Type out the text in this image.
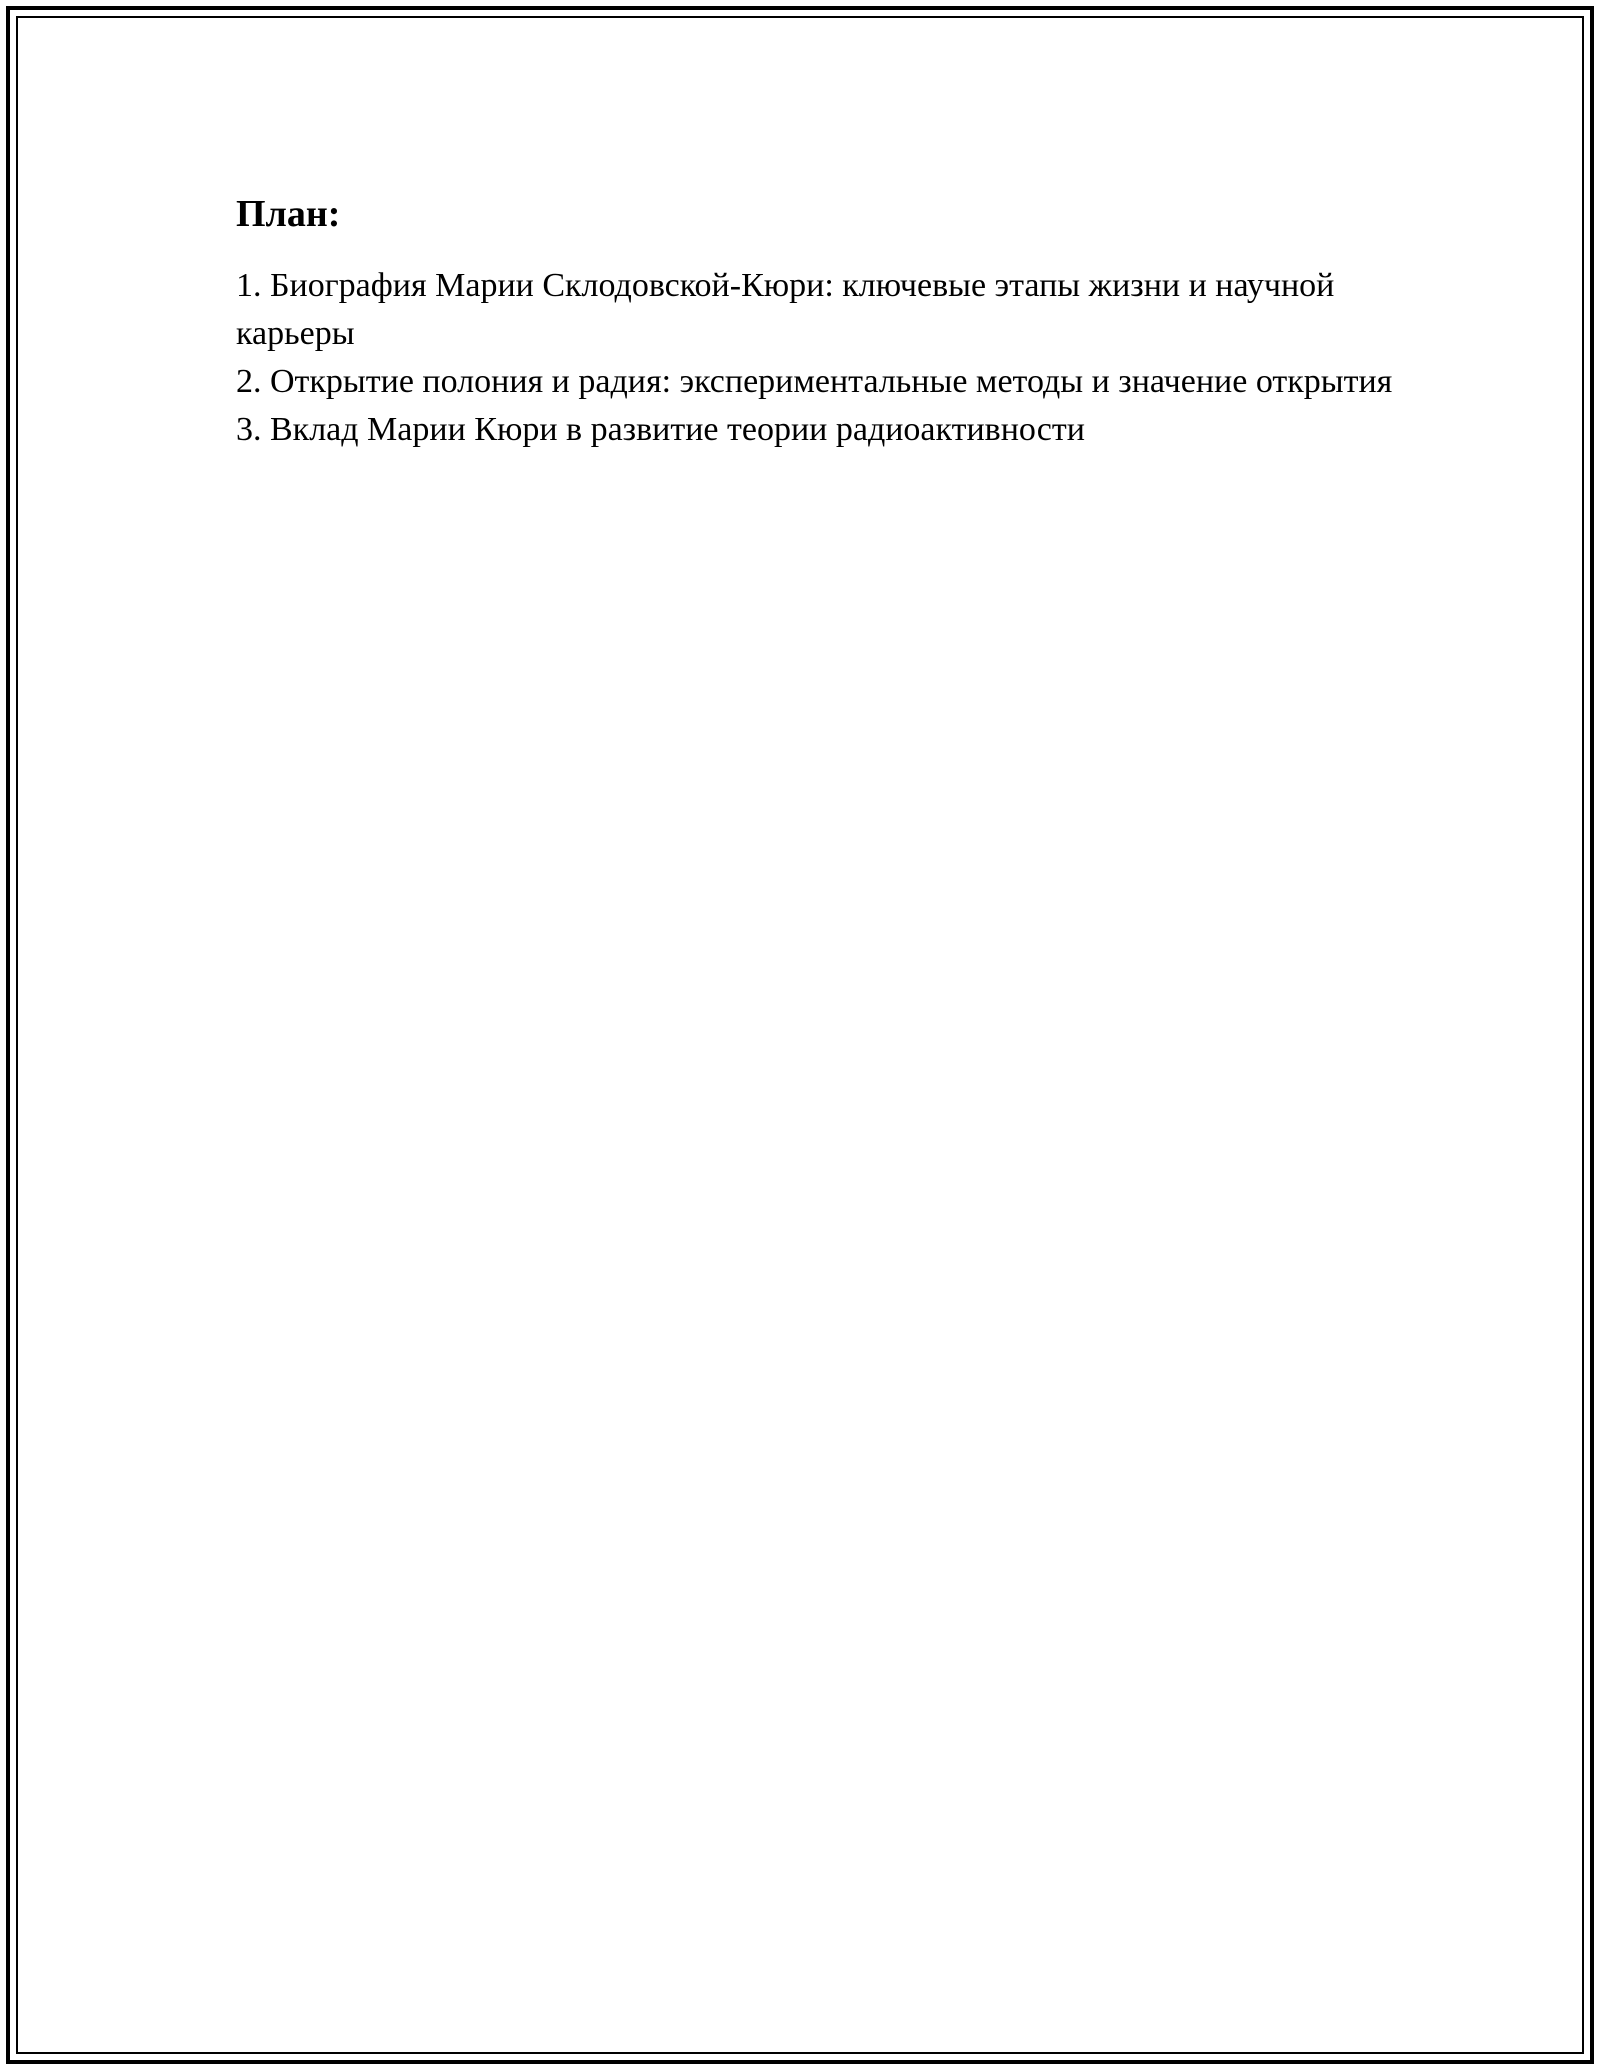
План:
1. Биография Марии Склодовской-Кюри: ключевые этапы жизни и научной карьеры
2. Открытие полония и радия: экспериментальные методы и значение открытия
3. Вклад Марии Кюри в развитие теории радиоактивности
